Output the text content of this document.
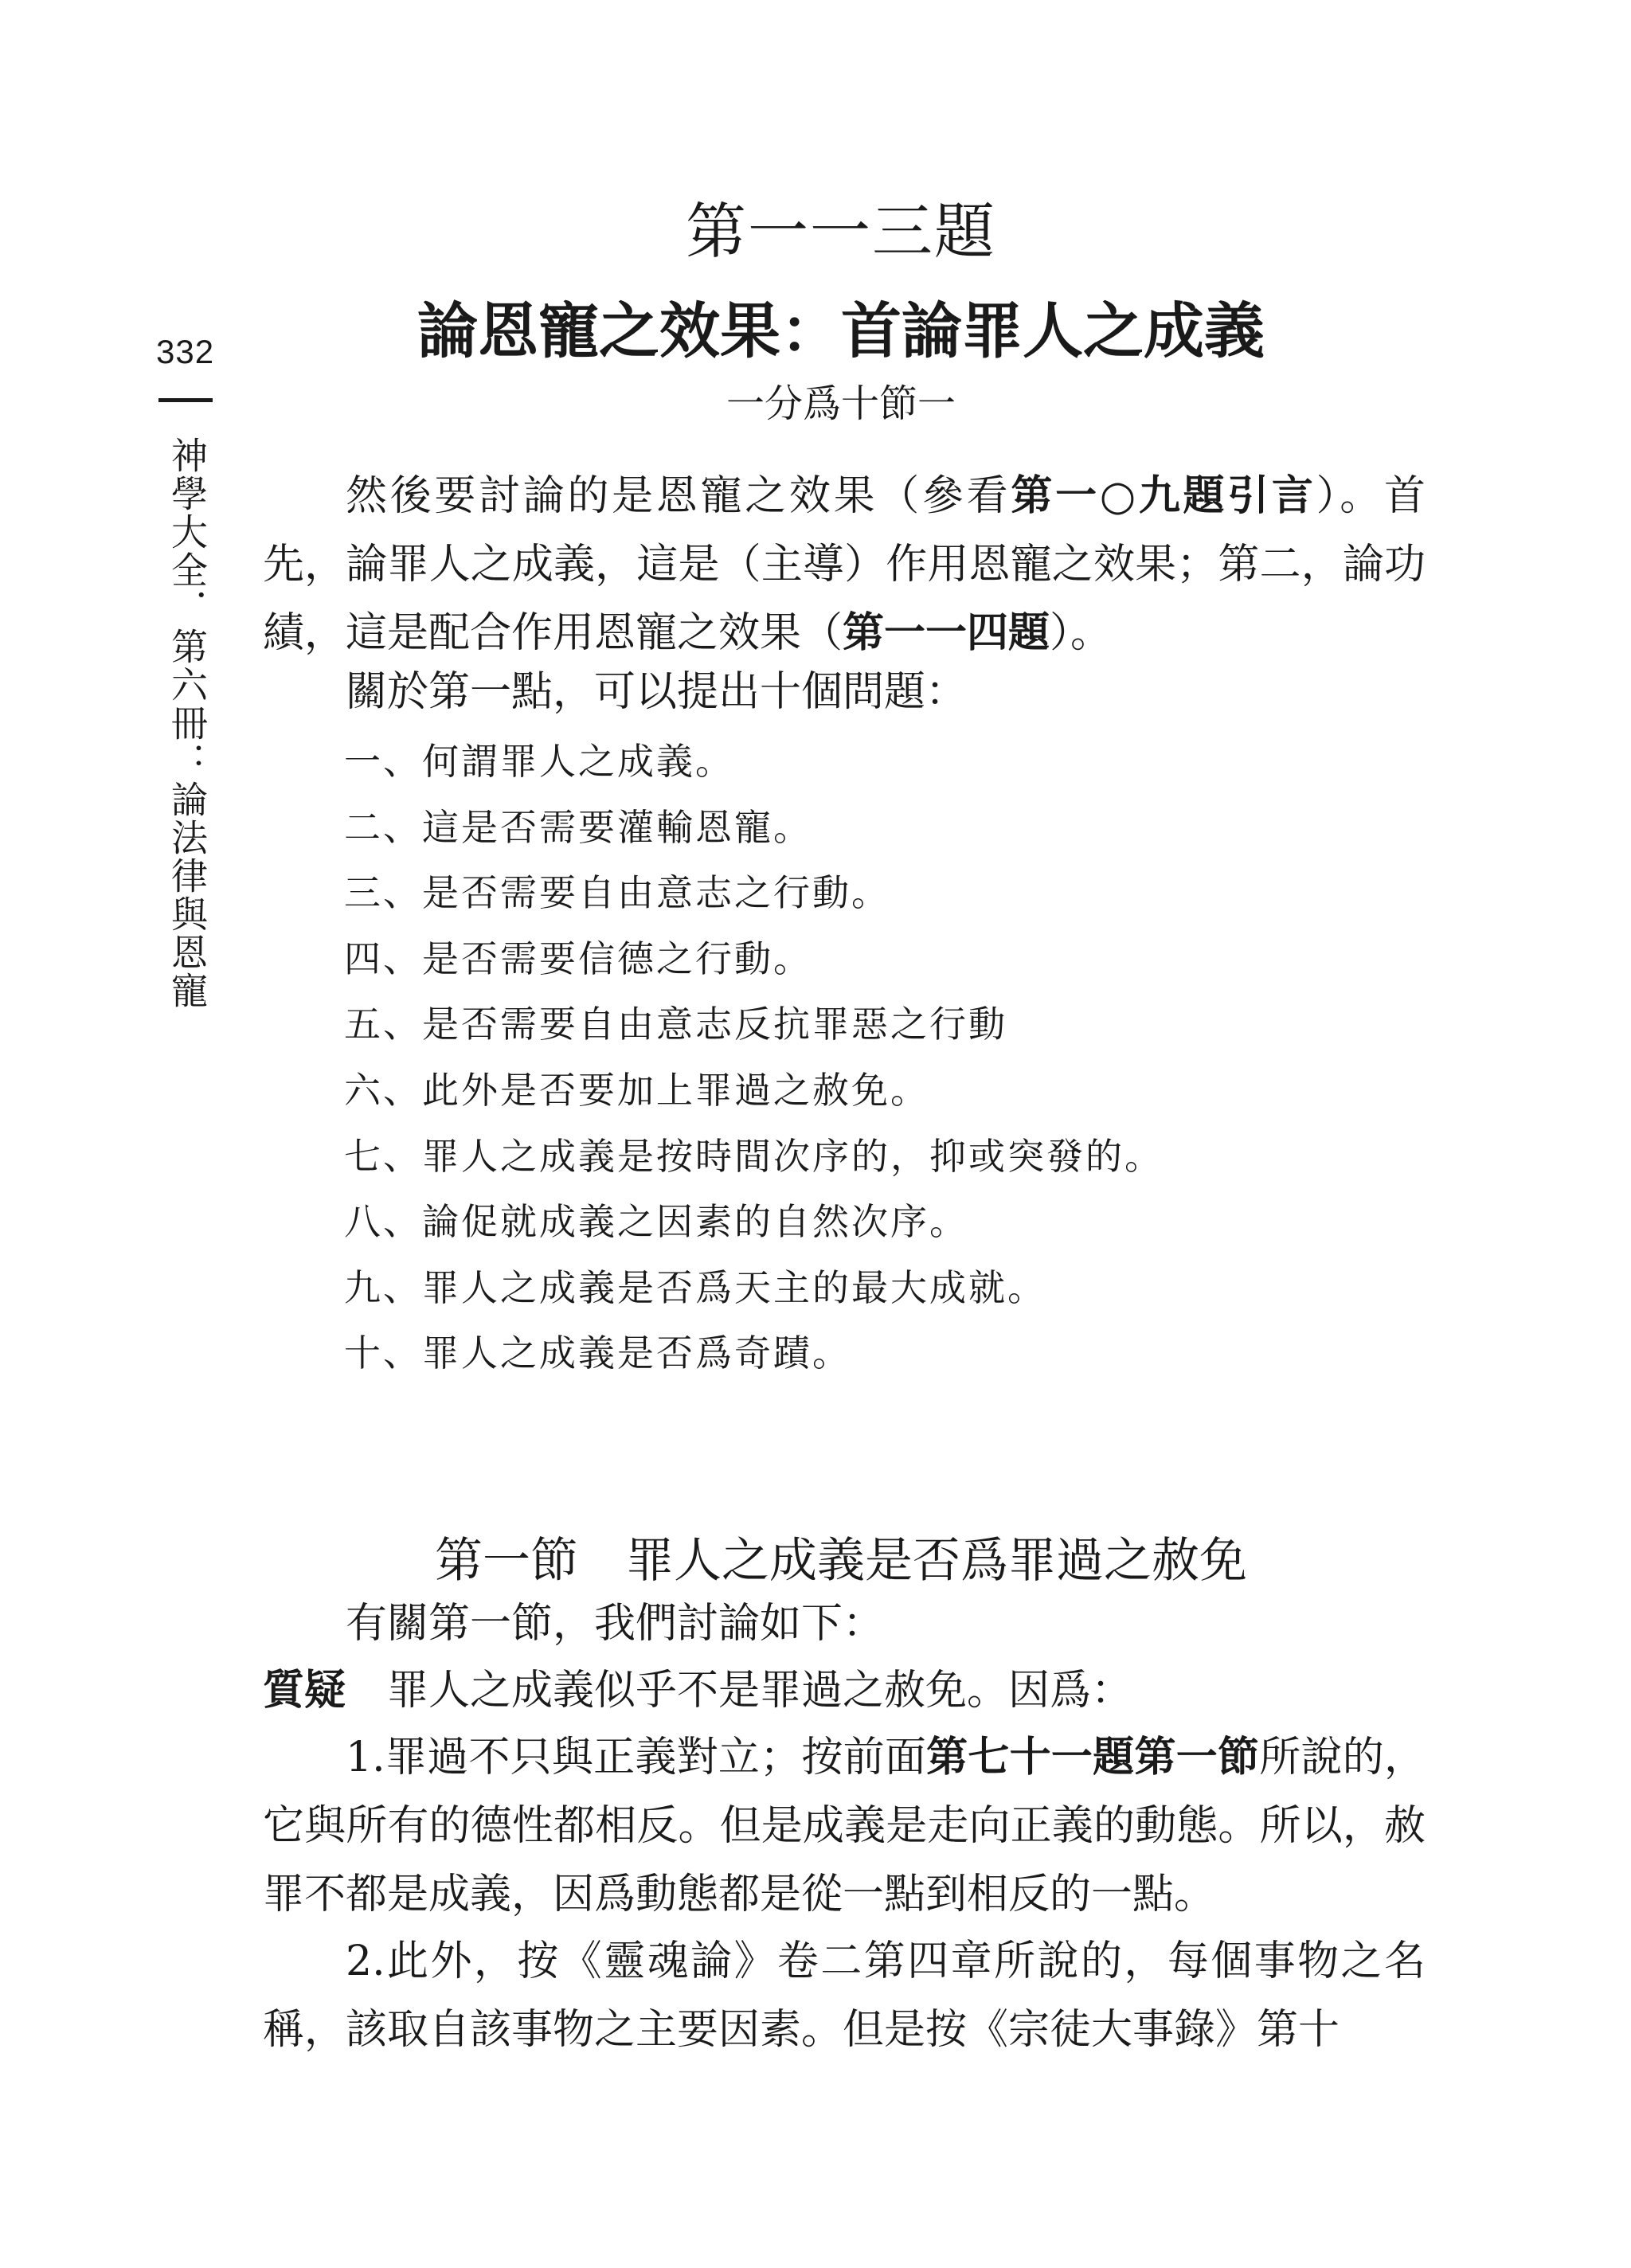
332
神學大全．第六冊：論法律與恩寵
第一一三題
論恩寵之效果：首論罪人之成義
一分爲十節一

然後要討論的是恩寵之效果（參看第一○九題引言）。首先，論罪人之成義，這是（主導）作用恩寵之效果；第二，論功績，這是配合作用恩寵之效果（第一一四題）。

關於第一點，可以提出十個問題：

一、何謂罪人之成義。
二、這是否需要灌輸恩寵。
三、是否需要自由意志之行動。
四、是否需要信德之行動。
五、是否需要自由意志反抗罪惡之行動
六、此外是否要加上罪過之赦免。
七、罪人之成義是按時間次序的，抑或突發的。
八、論促就成義之因素的自然次序。
九、罪人之成義是否爲天主的最大成就。
十、罪人之成義是否爲奇蹟。
第一節 罪人之成義是否爲罪過之赦免

有關第一節，我們討論如下：

質疑 罪人之成義似乎不是罪過之赦免。因爲：

1.罪過不只與正義對立；按前面第七十一題第一節所說的，它與所有的德性都相反。但是成義是走向正義的動態。所以，赦罪不都是成義，因爲動態都是從一點到相反的一點。

2.此外，按《靈魂論》卷二第四章所說的，每個事物之名稱，該取自該事物之主要因素。但是按《宗徒大事錄》第十
